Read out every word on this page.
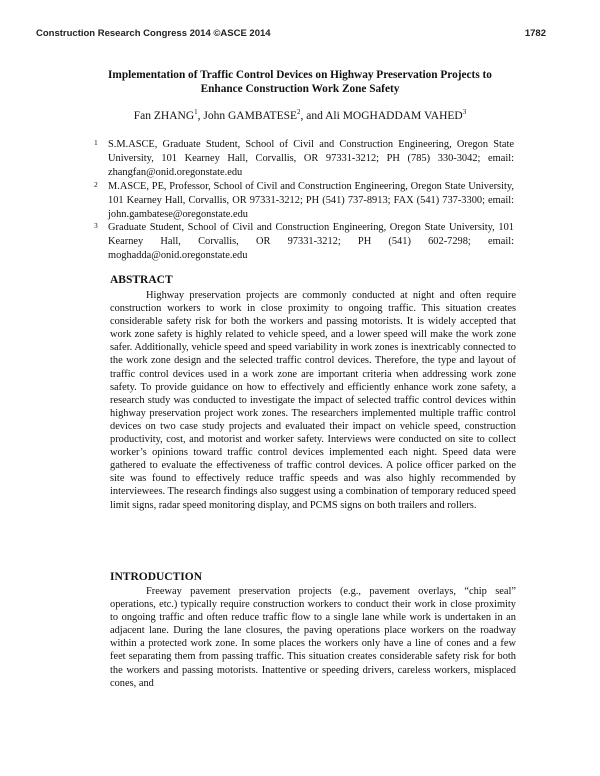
Construction Research Congress 2014 ©ASCE 2014	1782
Implementation of Traffic Control Devices on Highway Preservation Projects to
Enhance Construction Work Zone Safety
Fan ZHANG$^1$, John GAMBATESE$^2$, and Ali MOGHADDAM VAHED$^3$
1 S.M.ASCE, Graduate Student, School of Civil and Construction Engineering, Oregon State University, 101 Kearney Hall, Corvallis, OR 97331-3212; PH (785) 330-3042; email: zhangfan@onid.oregonstate.edu
2 M.ASCE, PE, Professor, School of Civil and Construction Engineering, Oregon State University, 101 Kearney Hall, Corvallis, OR 97331-3212; PH (541) 737-8913; FAX (541) 737-3300; email: john.gambatese@oregonstate.edu
3 Graduate Student, School of Civil and Construction Engineering, Oregon State University, 101 Kearney Hall, Corvallis, OR 97331-3212; PH (541) 602-7298; email: moghadda@onid.oregonstate.edu
ABSTRACT
Highway preservation projects are commonly conducted at night and often require construction workers to work in close proximity to ongoing traffic. This situation creates considerable safety risk for both the workers and passing motorists. It is widely accepted that work zone safety is highly related to vehicle speed, and a lower speed will make the work zone safer. Additionally, vehicle speed and speed variability in work zones is inextricably connected to the work zone design and the selected traffic control devices. Therefore, the type and layout of traffic control devices used in a work zone are important criteria when addressing work zone safety. To provide guidance on how to effectively and efficiently enhance work zone safety, a research study was conducted to investigate the impact of selected traffic control devices within highway preservation project work zones. The researchers implemented multiple traffic control devices on two case study projects and evaluated their impact on vehicle speed, construction productivity, cost, and motorist and worker safety. Interviews were conducted on site to collect worker’s opinions toward traffic control devices implemented each night. Speed data were gathered to evaluate the effectiveness of traffic control devices. A police officer parked on the site was found to effectively reduce traffic speeds and was also highly recommended by interviewees. The research findings also suggest using a combination of temporary reduced speed limit signs, radar speed monitoring display, and PCMS signs on both trailers and rollers.
INTRODUCTION
Freeway pavement preservation projects (e.g., pavement overlays, “chip seal” operations, etc.) typically require construction workers to conduct their work in close proximity to ongoing traffic and often reduce traffic flow to a single lane while work is undertaken in an adjacent lane. During the lane closures, the paving operations place workers on the roadway within a protected work zone. In some places the workers only have a line of cones and a few feet separating them from passing traffic. This situation creates considerable safety risk for both the workers and passing motorists. Inattentive or speeding drivers, careless workers, misplaced cones, and
